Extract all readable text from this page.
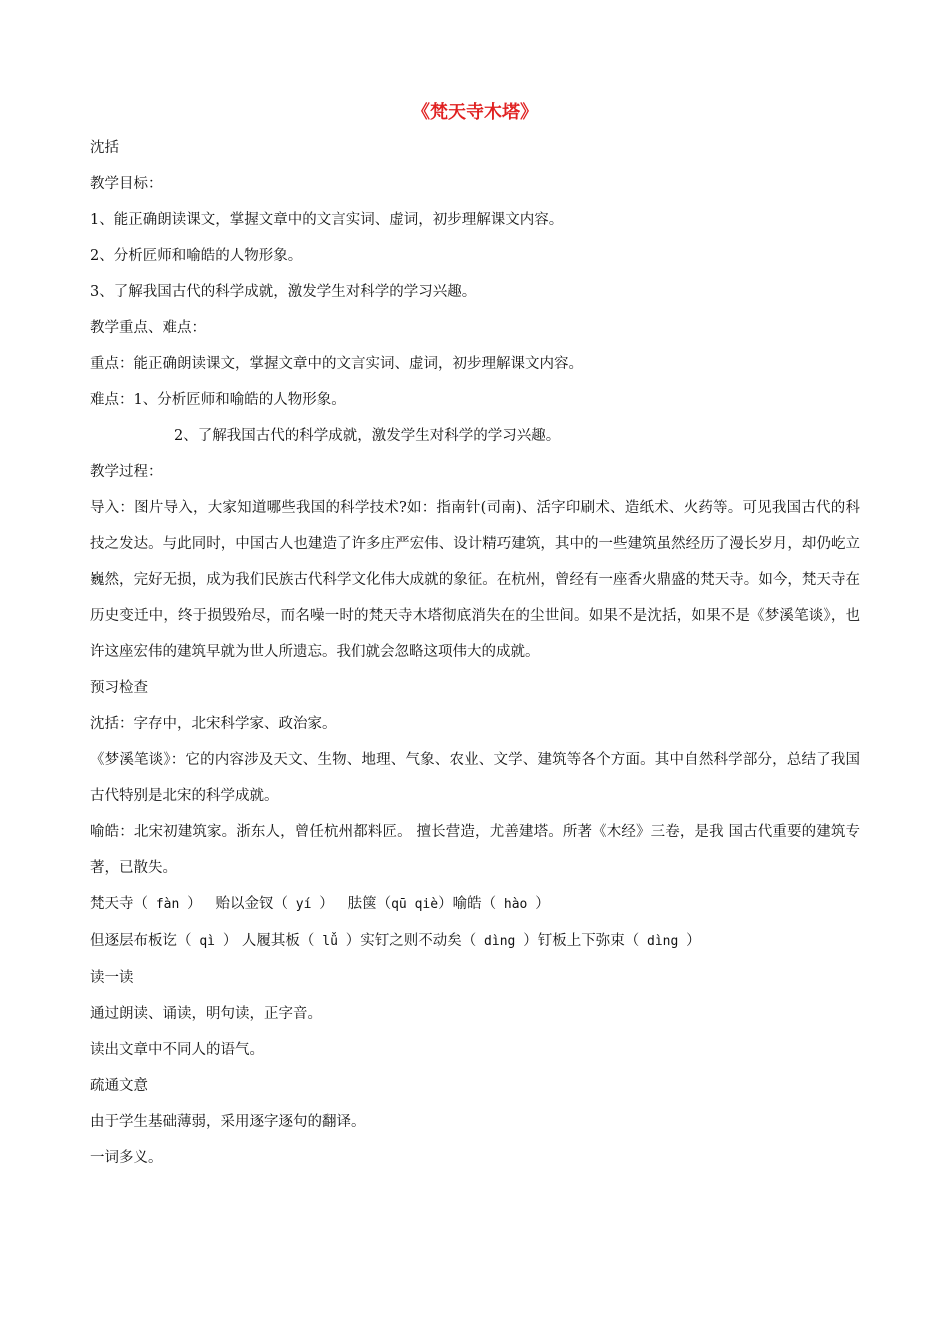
《梵天寺木塔》
沈括
教学目标：
1、能正确朗读课文，掌握文章中的文言实词、虚词，初步理解课文内容。
2、分析匠师和喻皓的人物形象。
3、了解我国古代的科学成就，激发学生对科学的学习兴趣。
教学重点、难点：
重点：能正确朗读课文，掌握文章中的文言实词、虚词，初步理解课文内容。
难点：1、分析匠师和喻皓的人物形象。
2、了解我国古代的科学成就，激发学生对科学的学习兴趣。
教学过程：
导入：图片导入，大家知道哪些我国的科学技术?如：指南针(司南)、活字印刷术、造纸术、火药等。可见我国古代的科技之发达。与此同时，中国古人也建造了许多庄严宏伟、设计精巧建筑，其中的一些建筑虽然经历了漫长岁月，却仍屹立巍然，完好无损，成为我们民族古代科学文化伟大成就的象征。在杭州，曾经有一座香火鼎盛的梵天寺。如今，梵天寺在历史变迁中，终于损毁殆尽，而名噪一时的梵天寺木塔彻底消失在的尘世间。如果不是沈括，如果不是《梦溪笔谈》，也许这座宏伟的建筑早就为世人所遗忘。我们就会忽略这项伟大的成就。
预习检查
沈括：字存中，北宋科学家、政治家。
《梦溪笔谈》：它的内容涉及天文、生物、地理、气象、农业、文学、建筑等各个方面。其中自然科学部分，总结了我国古代特别是北宋的科学成就。
喻皓：北宋初建筑家。浙东人，曾任杭州都料匠。 擅长营造，尤善建塔。所著《木经》三卷，是我 国古代重要的建筑专著，已散失。
梵天寺（ fàn ） 贻以金钗（ yí ） 胠箧（qū qiè）喻皓（ hào ）
但逐层布板讫（ qì ） 人履其板（ lǚ ）实钉之则不动矣（ dìng ）钉板上下弥束（ dìng ）
读一读
通过朗读、诵读，明句读，正字音。
读出文章中不同人的语气。
疏通文意
由于学生基础薄弱，采用逐字逐句的翻译。
一词多义。
